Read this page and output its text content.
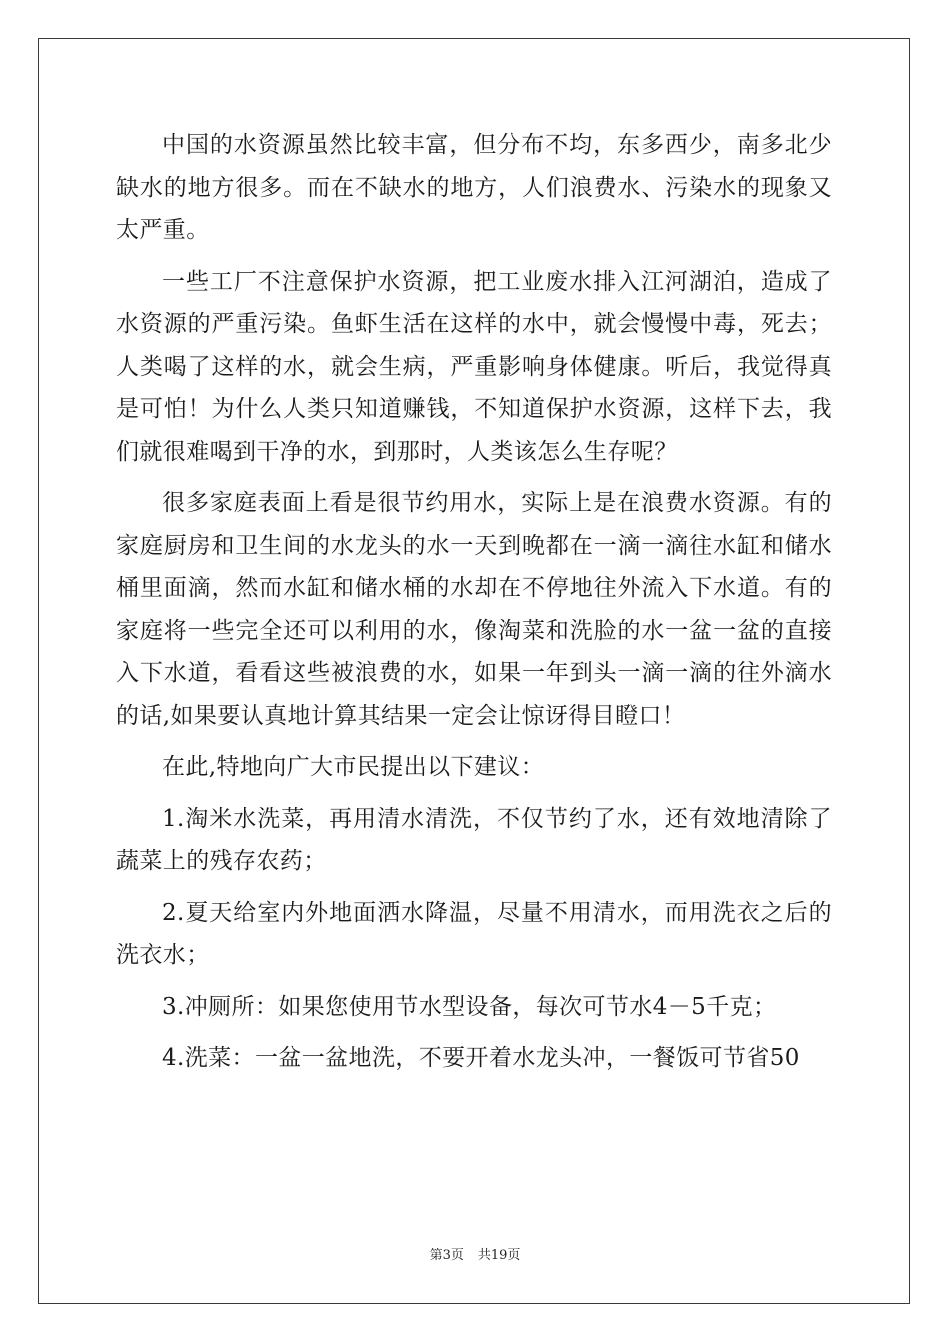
中国的水资源虽然比较丰富，但分布不均，东多西少，南多北少缺水的地方很多。而在不缺水的地方，人们浪费水、污染水的现象又太严重。

一些工厂不注意保护水资源，把工业废水排入江河湖泊，造成了水资源的严重污染。鱼虾生活在这样的水中，就会慢慢中毒，死去；人类喝了这样的水，就会生病，严重影响身体健康。听后，我觉得真是可怕！为什么人类只知道赚钱，不知道保护水资源，这样下去，我们就很难喝到干净的水，到那时，人类该怎么生存呢？

很多家庭表面上看是很节约用水，实际上是在浪费水资源。有的家庭厨房和卫生间的水龙头的水一天到晚都在一滴一滴往水缸和储水桶里面滴，然而水缸和储水桶的水却在不停地往外流入下水道。有的家庭将一些完全还可以利用的水，像淘菜和洗脸的水一盆一盆的直接入下水道，看看这些被浪费的水，如果一年到头一滴一滴的往外滴水的话,如果要认真地计算其结果一定会让惊讶得目瞪口！

在此,特地向广大市民提出以下建议：

1.淘米水洗菜，再用清水清洗，不仅节约了水，还有效地清除了蔬菜上的残存农药；

2.夏天给室内外地面洒水降温，尽量不用清水，而用洗衣之后的洗衣水；

3.冲厕所：如果您使用节水型设备，每次可节水4－5千克；

4.洗菜：一盆一盆地洗，不要开着水龙头冲，一餐饭可节省50

第3页 共19页
